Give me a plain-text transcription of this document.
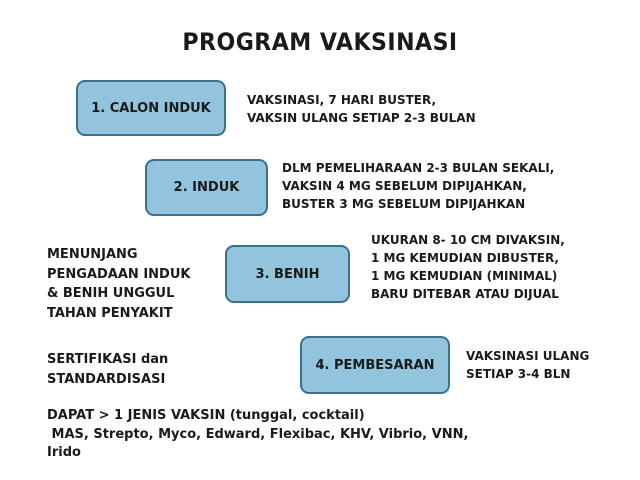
PROGRAM VAKSINASI
1. CALON INDUK
VAKSINASI, 7 HARI BUSTER,
VAKSIN ULANG SETIAP 2-3 BULAN
2. INDUK
DLM PEMELIHARAAN 2-3 BULAN SEKALI,
VAKSIN 4 MG SEBELUM DIPIJAHKAN,
BUSTER 3 MG SEBELUM DIPIJAHKAN
3. BENIH
UKURAN 8- 10 CM DIVAKSIN,
1 MG KEMUDIAN DIBUSTER,
1 MG KEMUDIAN (MINIMAL)
BARU DITEBAR ATAU DIJUAL
4. PEMBESARAN
VAKSINASI ULANG
SETIAP 3-4 BLN
MENUNJANG
PENGADAAN INDUK
& BENIH UNGGUL
TAHAN PENYAKIT
SERTIFIKASI dan
STANDARDISASI
DAPAT > 1 JENIS VAKSIN (tunggal, cocktail)
MAS, Strepto, Myco, Edward, Flexibac, KHV, Vibrio, VNN,
Irido
